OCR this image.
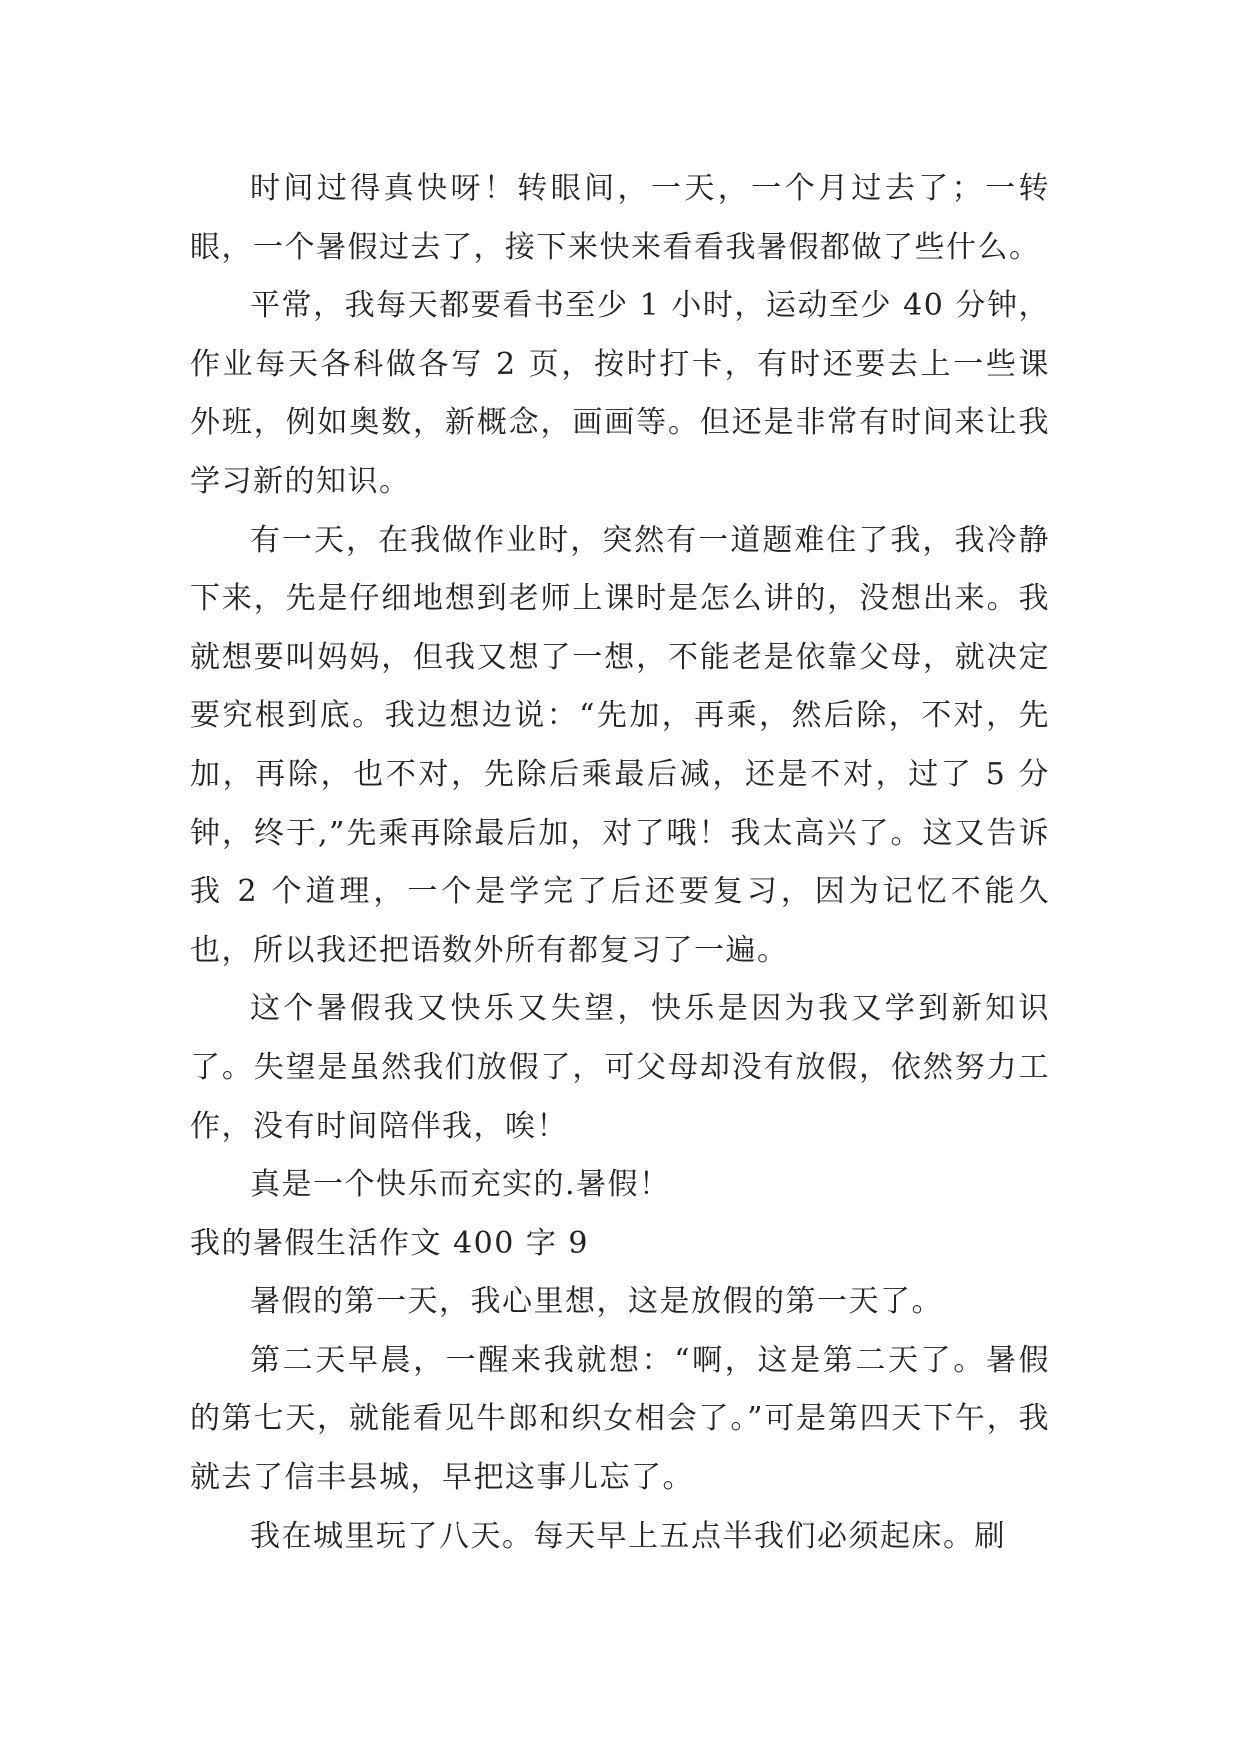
时间过得真快呀！转眼间，一天，一个月过去了；一转眼，一个暑假过去了，接下来快来看看我暑假都做了些什么。

平常，我每天都要看书至少 1 小时，运动至少 40 分钟，作业每天各科做各写 2 页，按时打卡，有时还要去上一些课外班，例如奥数，新概念，画画等。但还是非常有时间来让我学习新的知识。

有一天，在我做作业时，突然有一道题难住了我，我冷静下来，先是仔细地想到老师上课时是怎么讲的，没想出来。我就想要叫妈妈，但我又想了一想，不能老是依靠父母，就决定要究根到底。我边想边说：“先加，再乘，然后除，不对，先加，再除，也不对，先除后乘最后减，还是不对，过了 5 分钟，终于,”先乘再除最后加，对了哦！我太高兴了。这又告诉我 2 个道理，一个是学完了后还要复习，因为记忆不能久也，所以我还把语数外所有都复习了一遍。

这个暑假我又快乐又失望，快乐是因为我又学到新知识了。失望是虽然我们放假了，可父母却没有放假，依然努力工作，没有时间陪伴我，唉！

真是一个快乐而充实的.暑假！

我的暑假生活作文 400 字 9

暑假的第一天，我心里想，这是放假的第一天了。

第二天早晨，一醒来我就想：“啊，这是第二天了。暑假的第七天，就能看见牛郎和织女相会了。”可是第四天下午，我就去了信丰县城，早把这事儿忘了。

我在城里玩了八天。每天早上五点半我们必须起床。刷
